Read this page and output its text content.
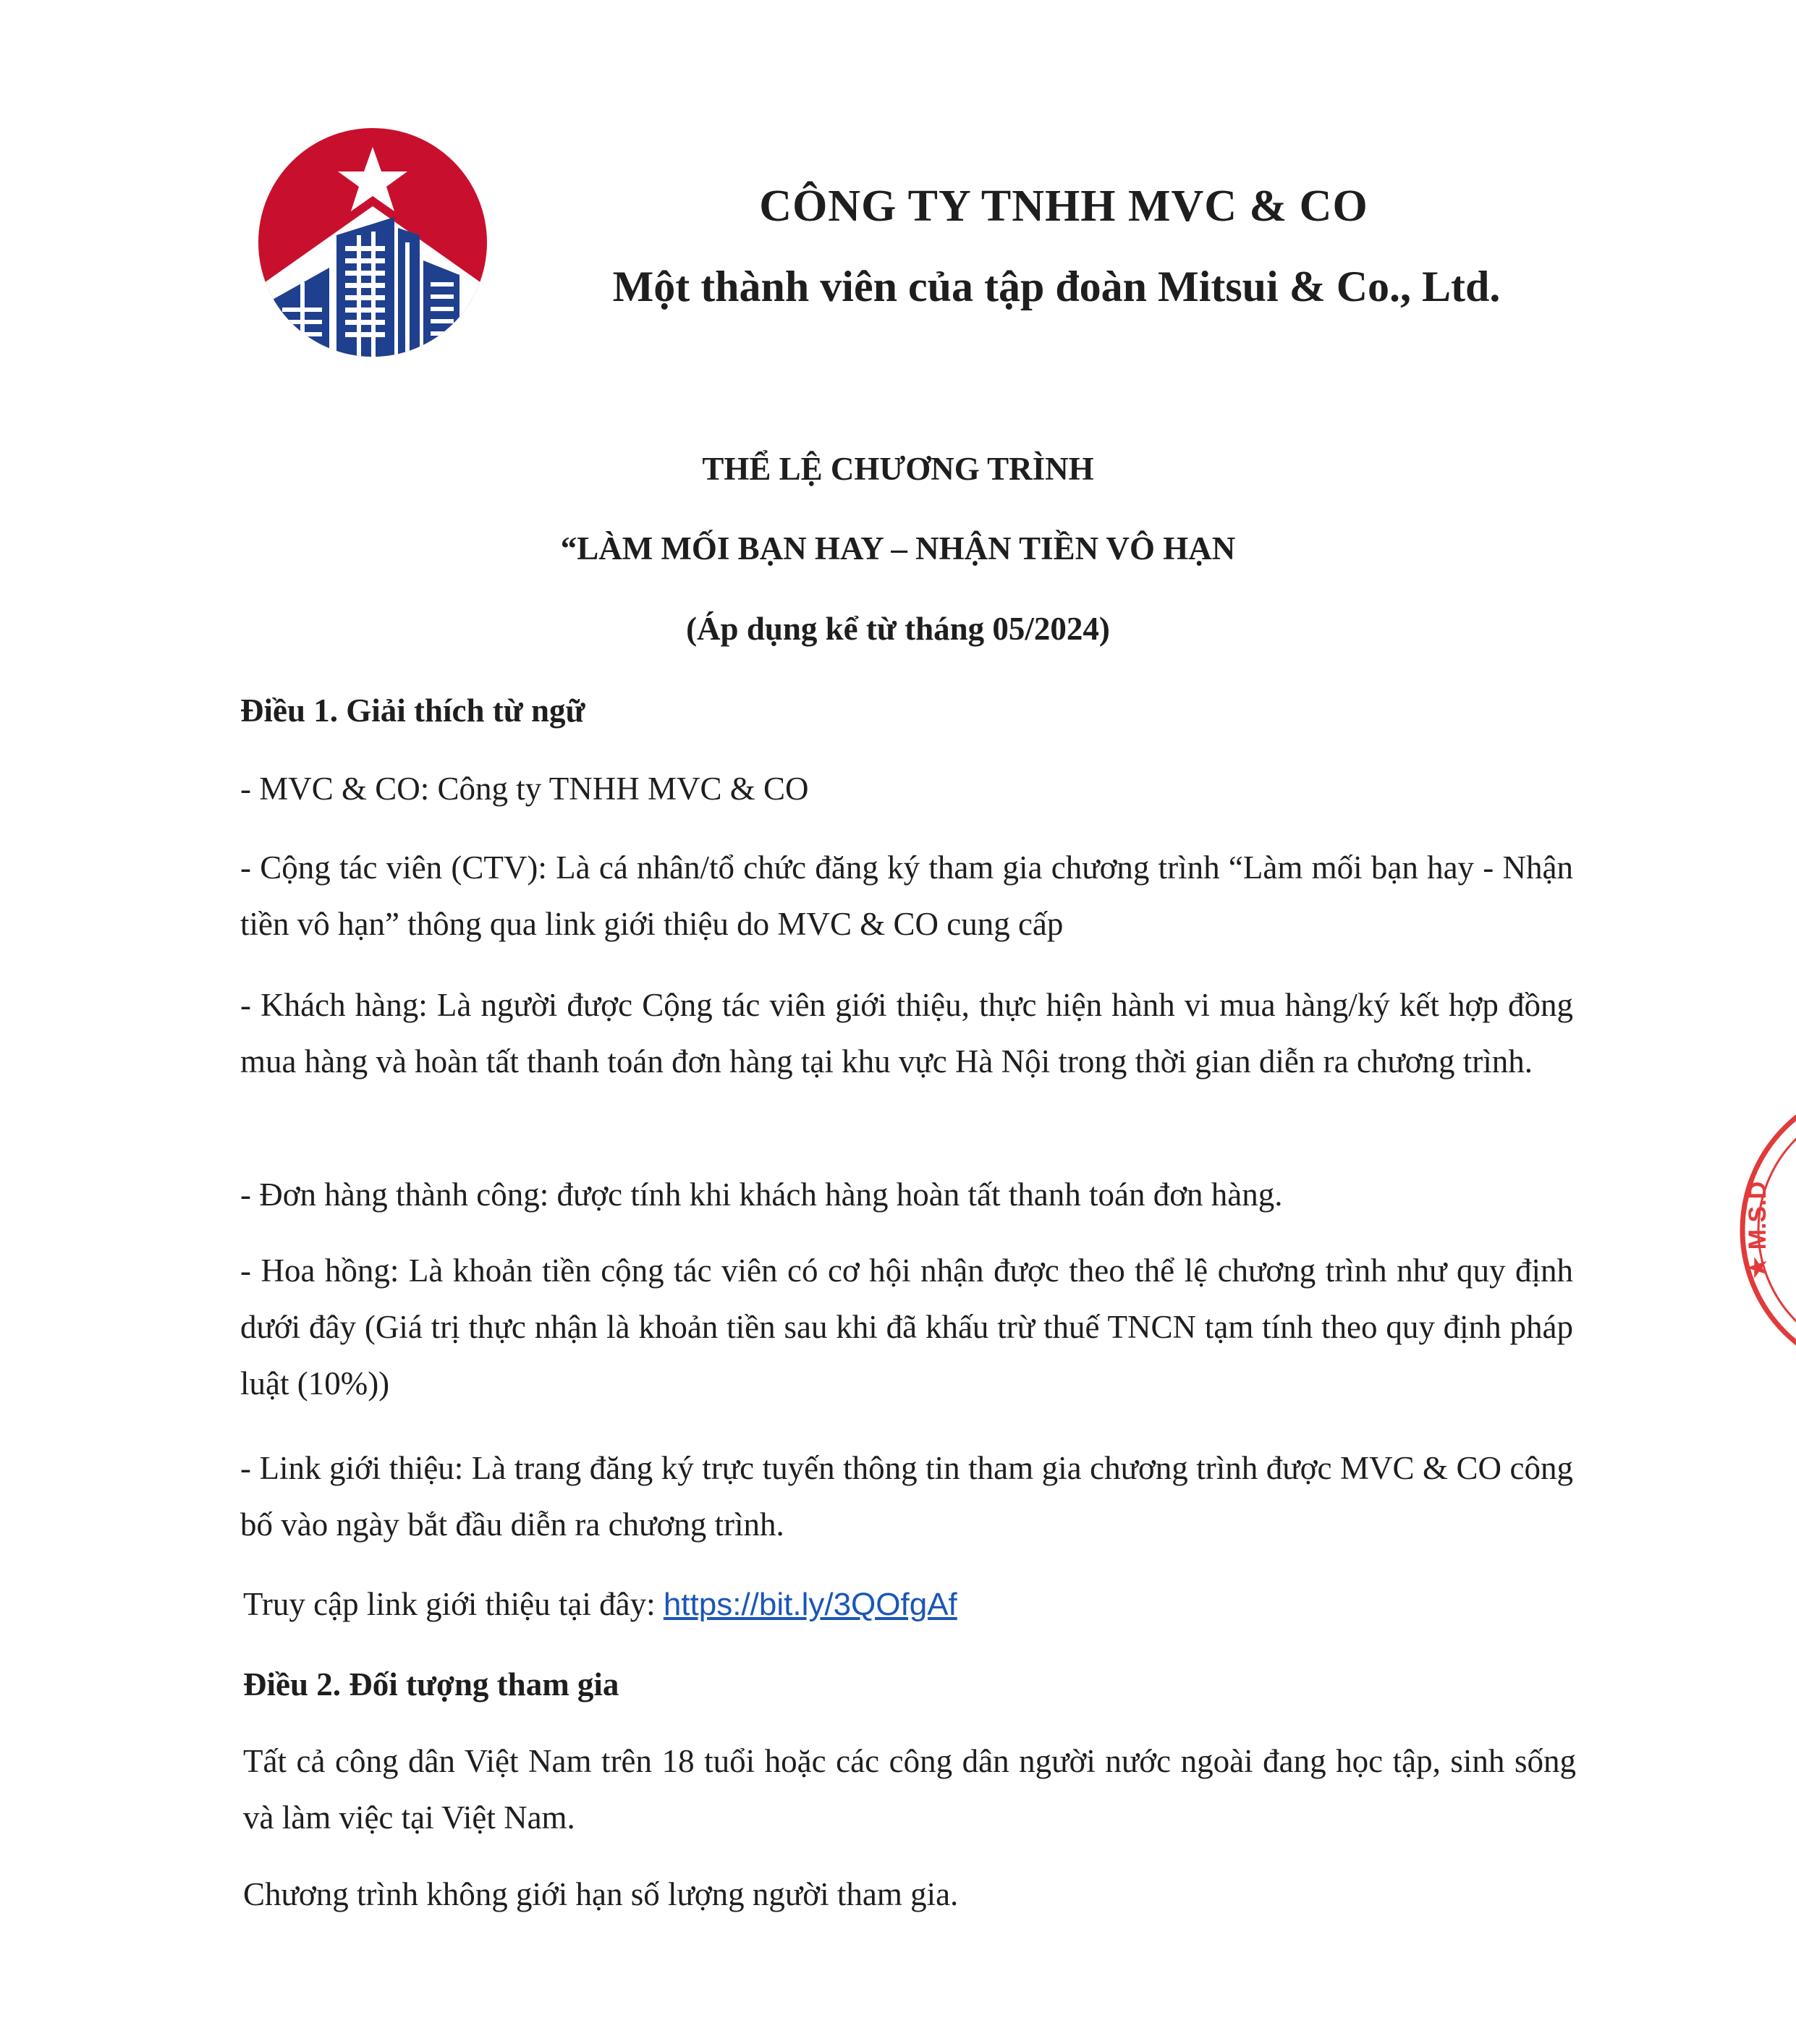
CÔNG TY TNHH MVC & CO
Một thành viên của tập đoàn Mitsui & Co., Ltd.
THỂ LỆ CHƯƠNG TRÌNH
“LÀM MỐI BẠN HAY – NHẬN TIỀN VÔ HẠN
(Áp dụng kể từ tháng 05/2024)
Điều 1. Giải thích từ ngữ
- MVC & CO: Công ty TNHH MVC & CO
- Cộng tác viên (CTV): Là cá nhân/tổ chức đăng ký tham gia chương trình “Làm mối bạn hay - Nhận tiền vô hạn” thông qua link giới thiệu do MVC & CO cung cấp
- Khách hàng: Là người được Cộng tác viên giới thiệu, thực hiện hành vi mua hàng/ký kết hợp đồng mua hàng và hoàn tất thanh toán đơn hàng tại khu vực Hà Nội trong thời gian diễn ra chương trình.
- Đơn hàng thành công: được tính khi khách hàng hoàn tất thanh toán đơn hàng.
- Hoa hồng: Là khoản tiền cộng tác viên có cơ hội nhận được theo thể lệ chương trình như quy định dưới đây (Giá trị thực nhận là khoản tiền sau khi đã khấu trừ thuế TNCN tạm tính theo quy định pháp luật (10%))
- Link giới thiệu: Là trang đăng ký trực tuyến thông tin tham gia chương trình được MVC & CO công bố vào ngày bắt đầu diễn ra chương trình.
Truy cập link giới thiệu tại đây: https://bit.ly/3QOfgAf
Điều 2. Đối tượng tham gia
Tất cả công dân Việt Nam trên 18 tuổi hoặc các công dân người nước ngoài đang học tập, sinh sống và làm việc tại Việt Nam.
Chương trình không giới hạn số lượng người tham gia.
★ M.S.D
